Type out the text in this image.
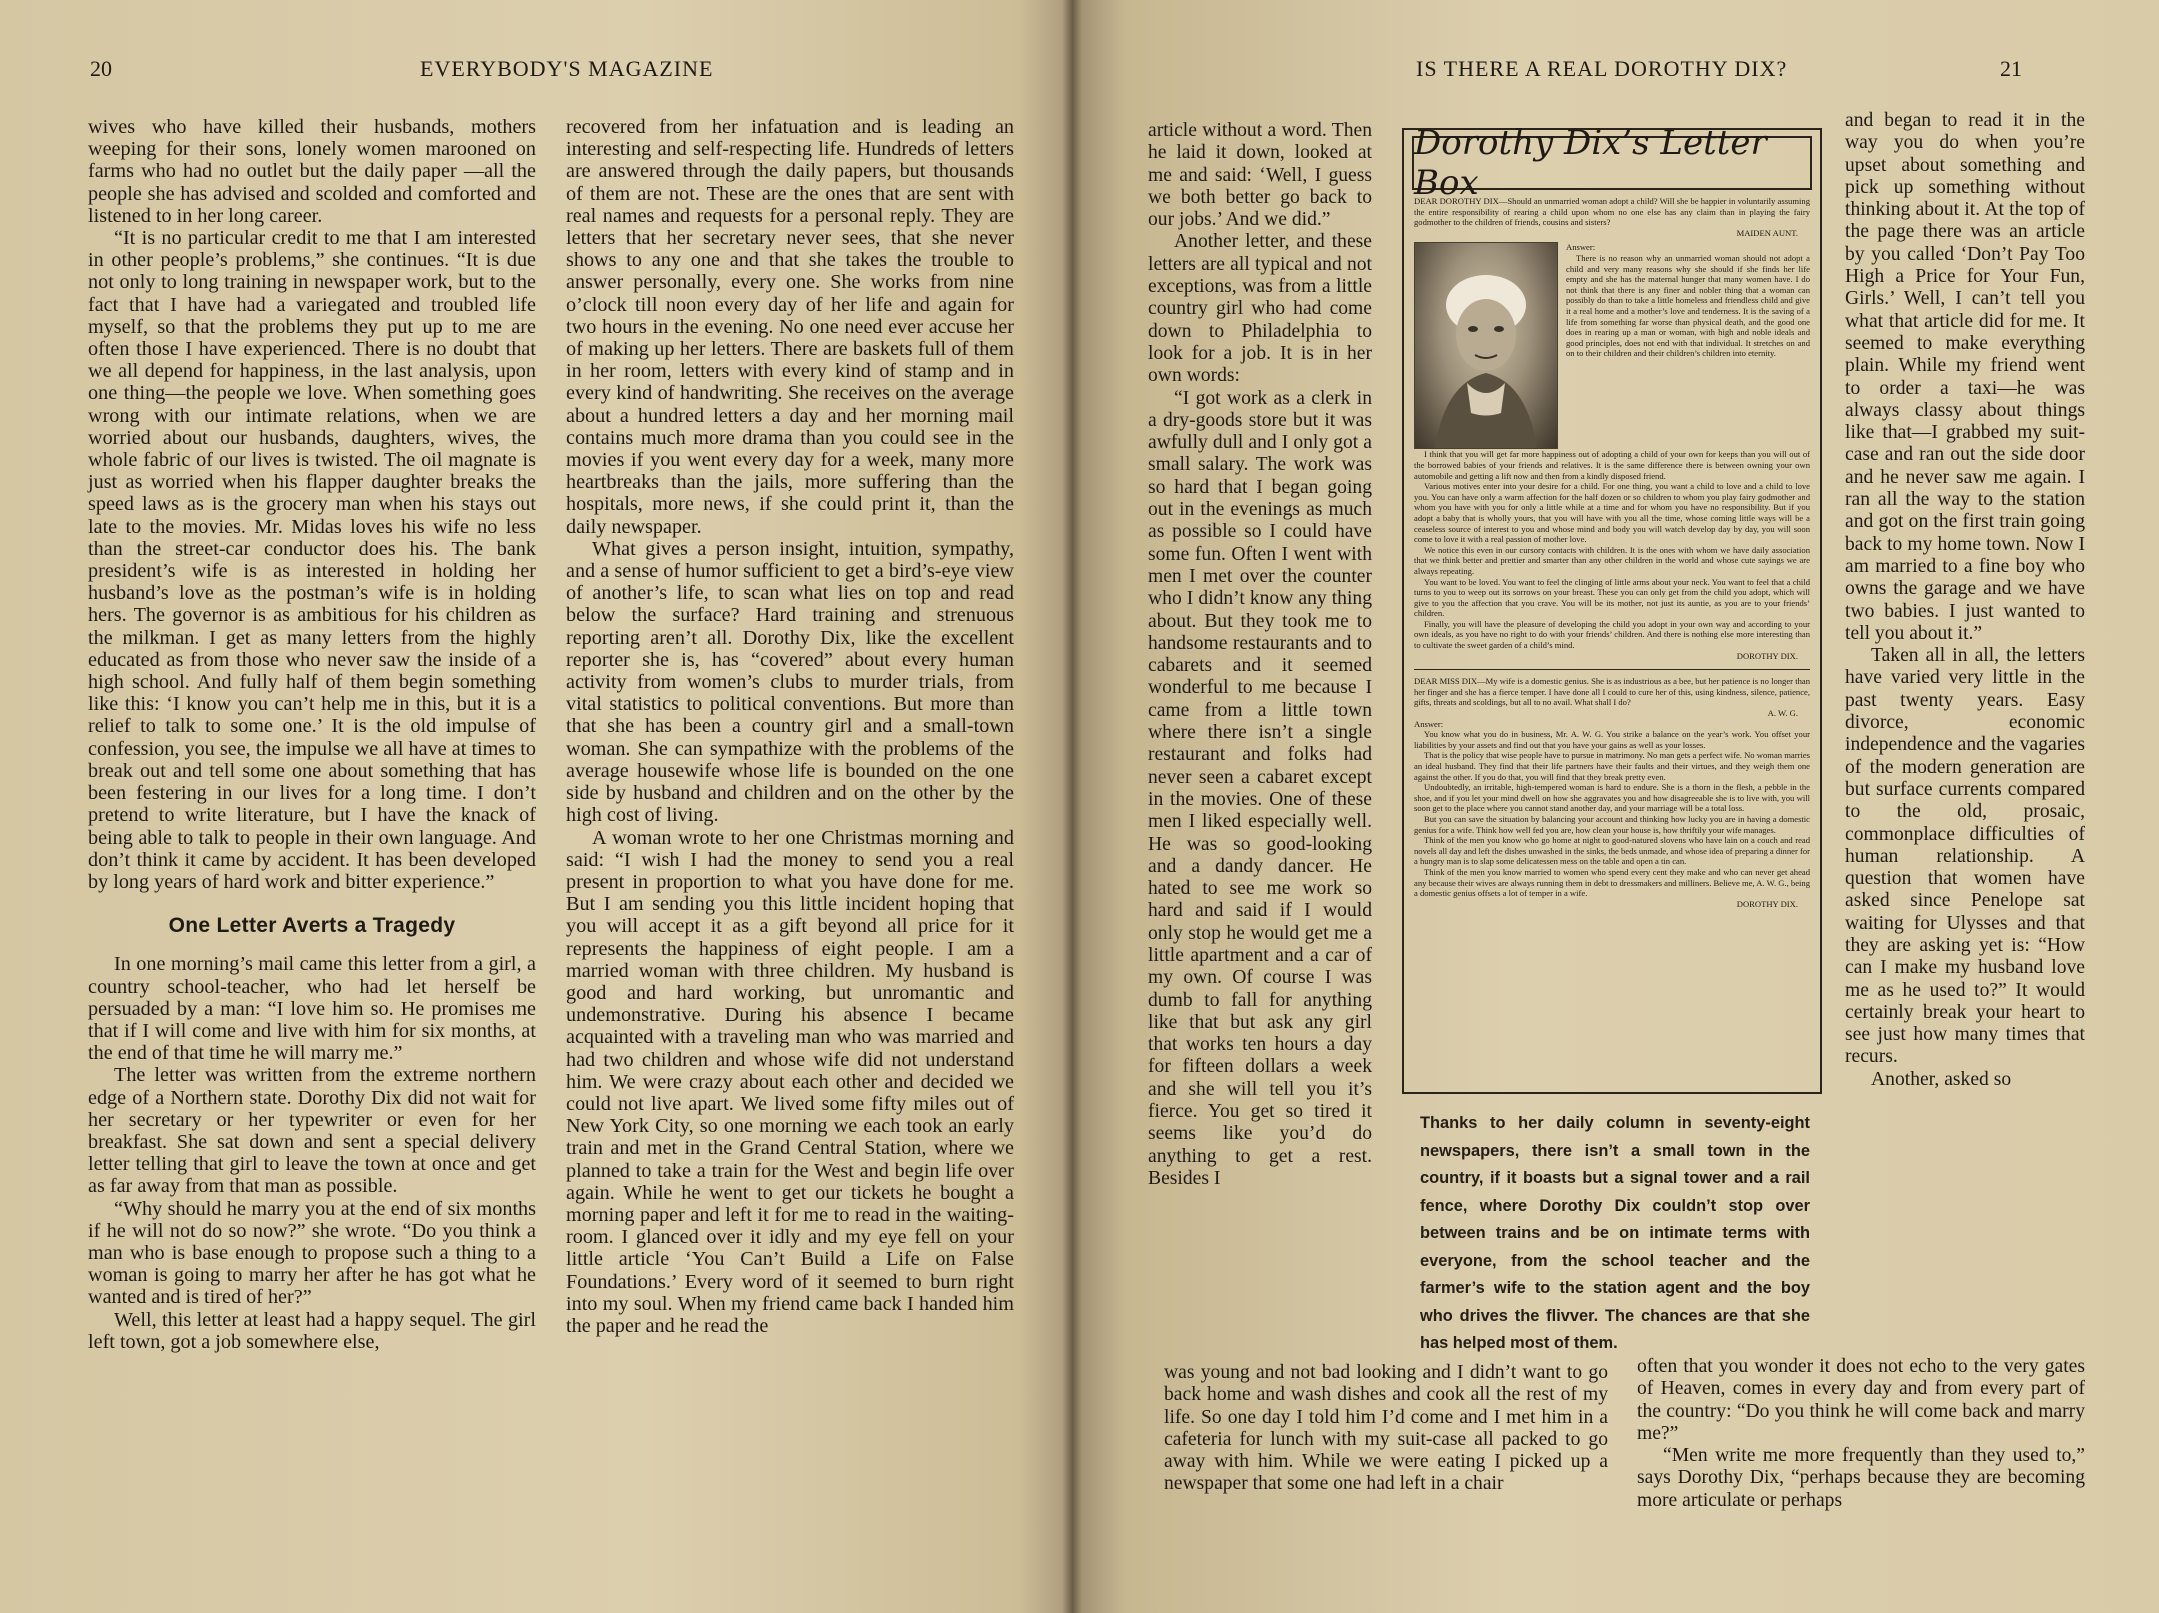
20	EVERYBODY'S MAGAZINE

wives who have killed their husbands, mothers weeping for their sons, lonely women marooned on farms who had no outlet but the daily paper —all the people she has advised and scolded and comforted and listened to in her long career.

“It is no particular credit to me that I am interested in other people’s problems,” she continues. “It is due not only to long training in newspaper work, but to the fact that I have had a variegated and troubled life myself, so that the problems they put up to me are often those I have experienced. There is no doubt that we all depend for happiness, in the last analysis, upon one thing—the people we love. When something goes wrong with our intimate relations, when we are worried about our husbands, daughters, wives, the whole fabric of our lives is twisted. The oil magnate is just as worried when his flapper daughter breaks the speed laws as is the grocery man when his stays out late to the movies. Mr. Midas loves his wife no less than the street-car conductor does his. The bank president’s wife is as interested in holding her husband’s love as the postman’s wife is in holding hers. The governor is as ambitious for his children as the milkman. I get as many letters from the highly educated as from those who never saw the inside of a high school. And fully half of them begin something like this: ‘I know you can’t help me in this, but it is a relief to talk to some one.’ It is the old impulse of confession, you see, the impulse we all have at times to break out and tell some one about something that has been festering in our lives for a long time. I don’t pretend to write literature, but I have the knack of being able to talk to people in their own language. And don’t think it came by accident. It has been developed by long years of hard work and bitter experience.”

One Letter Averts a Tragedy

In one morning’s mail came this letter from a girl, a country school-teacher, who had let herself be persuaded by a man: “I love him so. He promises me that if I will come and live with him for six months, at the end of that time he will marry me.”

The letter was written from the extreme northern edge of a Northern state. Dorothy Dix did not wait for her secretary or her typewriter or even for her breakfast. She sat down and sent a special delivery letter telling that girl to leave the town at once and get as far away from that man as possible.

“Why should he marry you at the end of six months if he will not do so now?” she wrote. “Do you think a man who is base enough to propose such a thing to a woman is going to marry her after he has got what he wanted and is tired of her?”

Well, this letter at least had a happy sequel. The girl left town, got a job somewhere else,

recovered from her infatuation and is leading an interesting and self-respecting life. Hundreds of letters are answered through the daily papers, but thousands of them are not. These are the ones that are sent with real names and requests for a personal reply. They are letters that her secretary never sees, that she never shows to any one and that she takes the trouble to answer personally, every one. She works from nine o’clock till noon every day of her life and again for two hours in the evening. No one need ever accuse her of making up her letters. There are baskets full of them in her room, letters with every kind of stamp and in every kind of handwriting. She receives on the average about a hundred letters a day and her morning mail contains much more drama than you could see in the movies if you went every day for a week, many more heartbreaks than the jails, more suffering than the hospitals, more news, if she could print it, than the daily newspaper.

What gives a person insight, intuition, sympathy, and a sense of humor sufficient to get a bird’s-eye view of another’s life, to scan what lies on top and read below the surface? Hard training and strenuous reporting aren’t all. Dorothy Dix, like the excellent reporter she is, has “covered” about every human activity from women’s clubs to murder trials, from vital statistics to political conventions. But more than that she has been a country girl and a small-town woman. She can sympathize with the problems of the average housewife whose life is bounded on the one side by husband and children and on the other by the high cost of living.

A woman wrote to her one Christmas morning and said: “I wish I had the money to send you a real present in proportion to what you have done for me. But I am sending you this little incident hoping that you will accept it as a gift beyond all price for it represents the happiness of eight people. I am a married woman with three children. My husband is good and hard working, but unromantic and undemonstrative. During his absence I became acquainted with a traveling man who was married and had two children and whose wife did not understand him. We were crazy about each other and decided we could not live apart. We lived some fifty miles out of New York City, so one morning we each took an early train and met in the Grand Central Station, where we planned to take a train for the West and begin life over again. While he went to get our tickets he bought a morning paper and left it for me to read in the waiting-room. I glanced over it idly and my eye fell on your little article ‘You Can’t Build a Life on False Foundations.’ Every word of it seemed to burn right into my soul. When my friend came back I handed him the paper and he read the

IS THERE A REAL DOROTHY DIX?	21

article without a word. Then he laid it down, looked at me and said: ‘Well, I guess we both better go back to our jobs.’ And we did.”

Another letter, and these letters are all typical and not exceptions, was from a little country girl who had come down to Philadelphia to look for a job. It is in her own words:

“I got work as a clerk in a dry-goods store but it was awfully dull and I only got a small salary. The work was so hard that I began going out in the evenings as much as possible so I could have some fun. Often I went with men I met over the counter who I didn’t know any thing about. But they took me to handsome restaurants and to cabarets and it seemed wonderful to me because I came from a little town where there isn’t a single restaurant and folks had never seen a cabaret except in the movies. One of these men I liked especially well. He was so good-looking and a dandy dancer. He hated to see me work so hard and said if I would only stop he would get me a little apartment and a car of my own. Of course I was dumb to fall for anything like that but ask any girl that works ten hours a day for fifteen dollars a week and she will tell you it’s fierce. You get so tired it seems like you’d do anything to get a rest. Besides I

and began to read it in the way you do when you’re upset about something and pick up something without thinking about it. At the top of the page there was an article by you called ‘Don’t Pay Too High a Price for Your Fun, Girls.’ Well, I can’t tell you what that article did for me. It seemed to make everything plain. While my friend went to order a taxi—he was always classy about things like that—I grabbed my suit-case and ran out the side door and he never saw me again. I ran all the way to the station and got on the first train going back to my home town. Now I am married to a fine boy who owns the garage and we have two babies. I just wanted to tell you about it.”

Taken all in all, the letters have varied very little in the past twenty years. Easy divorce, economic independence and the vagaries of the modern generation are but surface currents compared to the old, prosaic, commonplace difficulties of human relationship. A question that women have asked since Penelope sat waiting for Ulysses and that they are asking yet is: “How can I make my husband love me as he used to?” It would certainly break your heart to see just how many times that recurs.

Another, asked so

was young and not bad looking and I didn’t want to go back home and wash dishes and cook all the rest of my life. So one day I told him I’d come and I met him in a cafeteria for lunch with my suit-case all packed to go away with him. While we were eating I picked up a newspaper that some one had left in a chair

often that you wonder it does not echo to the very gates of Heaven, comes in every day and from every part of the country: “Do you think he will come back and marry me?”

“Men write me more frequently than they used to,” says Dorothy Dix, “perhaps because they are becoming more articulate or perhaps

Dorothy Dix’s Letter Box

DEAR DOROTHY DIX—Should an unmarried woman adopt a child? Will she be happier in voluntarily assuming the entire responsibility of rearing a child upon whom no one else has any claim than in playing the fairy godmother to the children of friends, cousins and sisters?

MAIDEN AUNT.

Answer:

There is no reason why an unmarried woman should not adopt a child and very many reasons why she should if she finds her life empty and she has the maternal hunger that many women have. I do not think that there is any finer and nobler thing that a woman can possibly do than to take a little homeless and friendless child and give it a real home and a mother’s love and tenderness. It is the saving of a life from something far worse than physical death, and the good one does in rearing up a man or woman, with high and noble ideals and good principles, does not end with that individual. It stretches on and on to their children and their children’s children into eternity.

I think that you will get far more happiness out of adopting a child of your own for keeps than you will out of the borrowed babies of your friends and relatives. It is the same difference there is between owning your own automobile and getting a lift now and then from a kindly disposed friend.

Various motives enter into your desire for a child. For one thing, you want a child to love and a child to love you. You can have only a warm affection for the half dozen or so children to whom you play fairy godmother and whom you have with you for only a little while at a time and for whom you have no responsibility. But if you adopt a baby that is wholly yours, that you will have with you all the time, whose coming little ways will be a ceaseless source of interest to you and whose mind and body you will watch develop day by day, you will soon come to love it with a real passion of mother love.

We notice this even in our cursory contacts with children. It is the ones with whom we have daily association that we think better and prettier and smarter than any other children in the world and whose cute sayings we are always repeating.

You want to be loved. You want to feel the clinging of little arms about your neck. You want to feel that a child turns to you to weep out its sorrows on your breast. These you can only get from the child you adopt, which will give to you the affection that you crave. You will be its mother, not just its auntie, as you are to your friends’ children.

Finally, you will have the pleasure of developing the child you adopt in your own way and according to your own ideals, as you have no right to do with your friends’ children. And there is nothing else more interesting than to cultivate the sweet garden of a child’s mind.

DOROTHY DIX.

DEAR MISS DIX—My wife is a domestic genius. She is as industrious as a bee, but her patience is no longer than her finger and she has a fierce temper. I have done all I could to cure her of this, using kindness, silence, patience, gifts, threats and scoldings, but all to no avail. What shall I do?

A. W. G.

Answer:

You know what you do in business, Mr. A. W. G. You strike a balance on the year’s work. You offset your liabilities by your assets and find out that you have your gains as well as your losses.

That is the policy that wise people have to pursue in matrimony. No man gets a perfect wife. No woman marries an ideal husband. They find that their life partners have their faults and their virtues, and they weigh them one against the other. If you do that, you will find that they break pretty even.

Undoubtedly, an irritable, high-tempered woman is hard to endure. She is a thorn in the flesh, a pebble in the shoe, and if you let your mind dwell on how she aggravates you and how disagreeable she is to live with, you will soon get to the place where you cannot stand another day, and your marriage will be a total loss.

But you can save the situation by balancing your account and thinking how lucky you are in having a domestic genius for a wife. Think how well fed you are, how clean your house is, how thriftily your wife manages.

Think of the men you know who go home at night to good-natured slovens who have lain on a couch and read novels all day and left the dishes unwashed in the sinks, the beds unmade, and whose idea of preparing a dinner for a hungry man is to slap some delicatessen mess on the table and open a tin can.

Think of the men you know married to women who spend every cent they make and who can never get ahead any because their wives are always running them in debt to dressmakers and milliners. Believe me, A. W. G., being a domestic genius offsets a lot of temper in a wife.

DOROTHY DIX.

Thanks to her daily column in seventy-eight newspapers, there isn’t a small town in the country, if it boasts but a signal tower and a rail fence, where Dorothy Dix couldn’t stop over between trains and be on intimate terms with everyone, from the school teacher and the farmer’s wife to the station agent and the boy who drives the flivver. The chances are that she has helped most of them.
